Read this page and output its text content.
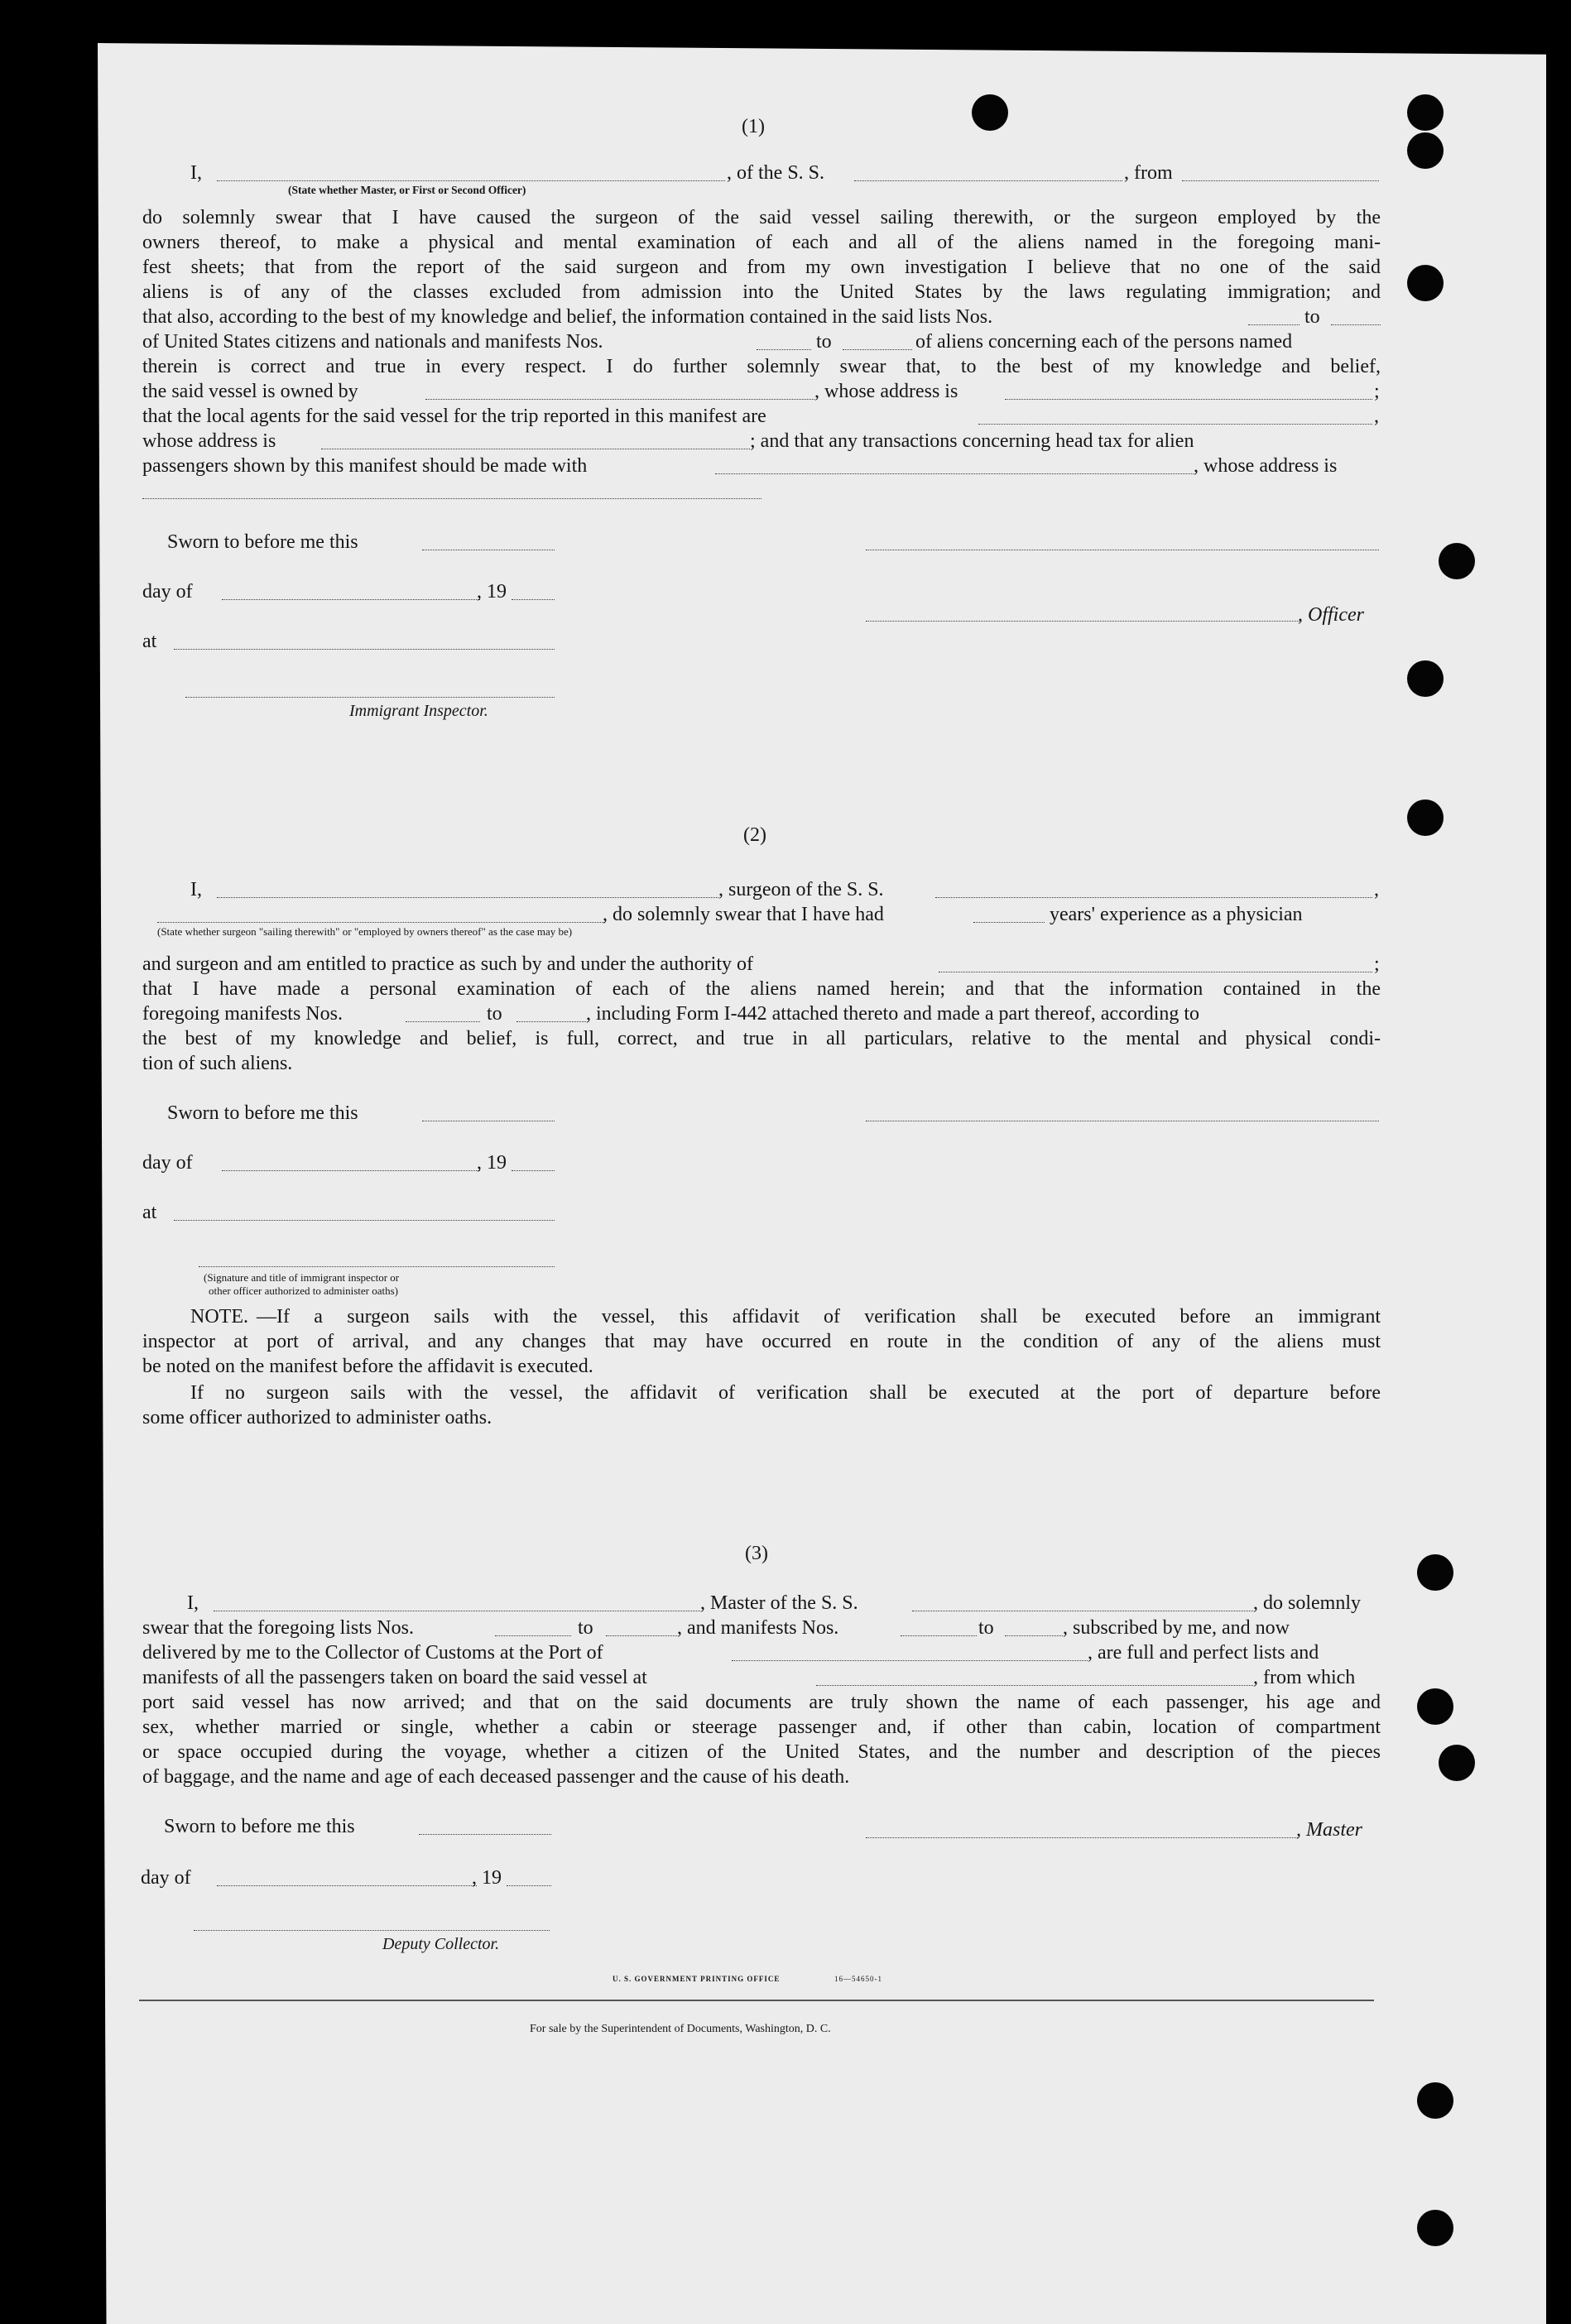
(1)
I,
(State whether Master, or First or Second Officer)
, of the S. S.	, from
do solemnly swear that I have caused the surgeon of the said vessel sailing therewith, or the surgeon employed by the
owners thereof, to make a physical and mental examination of each and all of the aliens named in the foregoing mani-
fest sheets; that from the report of the said surgeon and from my own investigation I believe that no one of the said
aliens is of any of the classes excluded from admission into the United States by the laws regulating immigration; and
that also, according to the best of my knowledge and belief, the information contained in the said lists Nos.	to
of United States citizens and nationals and manifests Nos.	to	of aliens concerning each of the persons named
therein is correct and true in every respect. I do further solemnly swear that, to the best of my knowledge and belief,
the said vessel is owned by	, whose address is	;
that the local agents for the said vessel for the trip reported in this manifest are	,
whose address is	; and that any transactions concerning head tax for alien
passengers shown by this manifest should be made with	, whose address is
Sworn to before me this
day of	, 19
, Officer
at
Immigrant Inspector.
(2)
I,	, surgeon of the S. S.	,
, do solemnly swear that I have had	years' experience as a physician
(State whether surgeon "sailing therewith" or "employed by owners thereof" as the case may be)
and surgeon and am entitled to practice as such by and under the authority of	;
that I have made a personal examination of each of the aliens named herein; and that the information contained in the
foregoing manifests Nos.	to	, including Form I-442 attached thereto and made a part thereof, according to
the best of my knowledge and belief, is full, correct, and true in all particulars, relative to the mental and physical condi-
tion of such aliens.
Sworn to before me this
day of	, 19
at
(Signature and title of immigrant inspector or
other officer authorized to administer oaths)
NOTE. —If a surgeon sails with the vessel, this affidavit of verification shall be executed before an immigrant
inspector at port of arrival, and any changes that may have occurred en route in the condition of any of the aliens must
be noted on the manifest before the affidavit is executed.
If no surgeon sails with the vessel, the affidavit of verification shall be executed at the port of departure before
some officer authorized to administer oaths.
(3)
I,	, Master of the S. S.	, do solemnly
swear that the foregoing lists Nos.	to	, and manifests Nos.	to	, subscribed by me, and now
delivered by me to the Collector of Customs at the Port of	, are full and perfect lists and
manifests of all the passengers taken on board the said vessel at	, from which
port said vessel has now arrived; and that on the said documents are truly shown the name of each passenger, his age and
sex, whether married or single, whether a cabin or steerage passenger and, if other than cabin, location of compartment
or space occupied during the voyage, whether a citizen of the United States, and the number and description of the pieces
of baggage, and the name and age of each deceased passenger and the cause of his death.
Sworn to before me this	, Master
day of	, 19
Deputy Collector.
U. S. GOVERNMENT PRINTING OFFICE	16—54650-1
For sale by the Superintendent of Documents, Washington, D. C.
